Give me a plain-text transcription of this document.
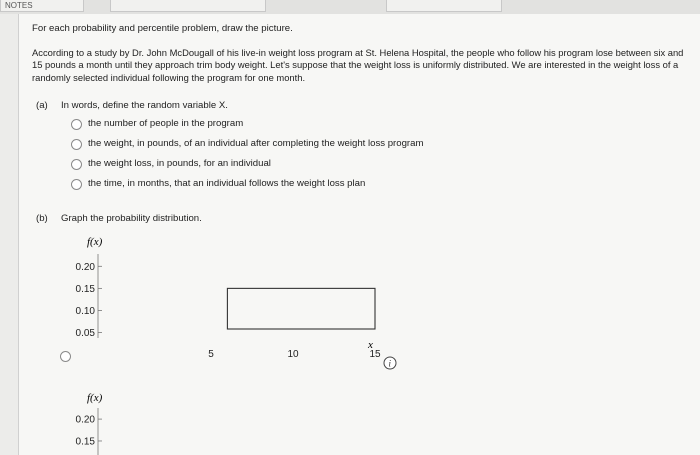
NOTES
For each probability and percentile problem, draw the picture.
According to a study by Dr. John McDougall of his live-in weight loss program at St. Helena Hospital, the people who follow his program lose between six and 15 pounds a month until they approach trim body weight. Let's suppose that the weight loss is uniformly distributed. We are interested in the weight loss of a randomly selected individual following the program for one month.
(a) In words, define the random variable X.
the number of people in the program
the weight, in pounds, of an individual after completing the weight loss program
the weight loss, in pounds, for an individual
the time, in months, that an individual follows the weight loss plan
(b) Graph the probability distribution.
f(x)
0.20
0.15
0.10
0.05
5	10	15
x
i
f(x)
0.20
0.15
